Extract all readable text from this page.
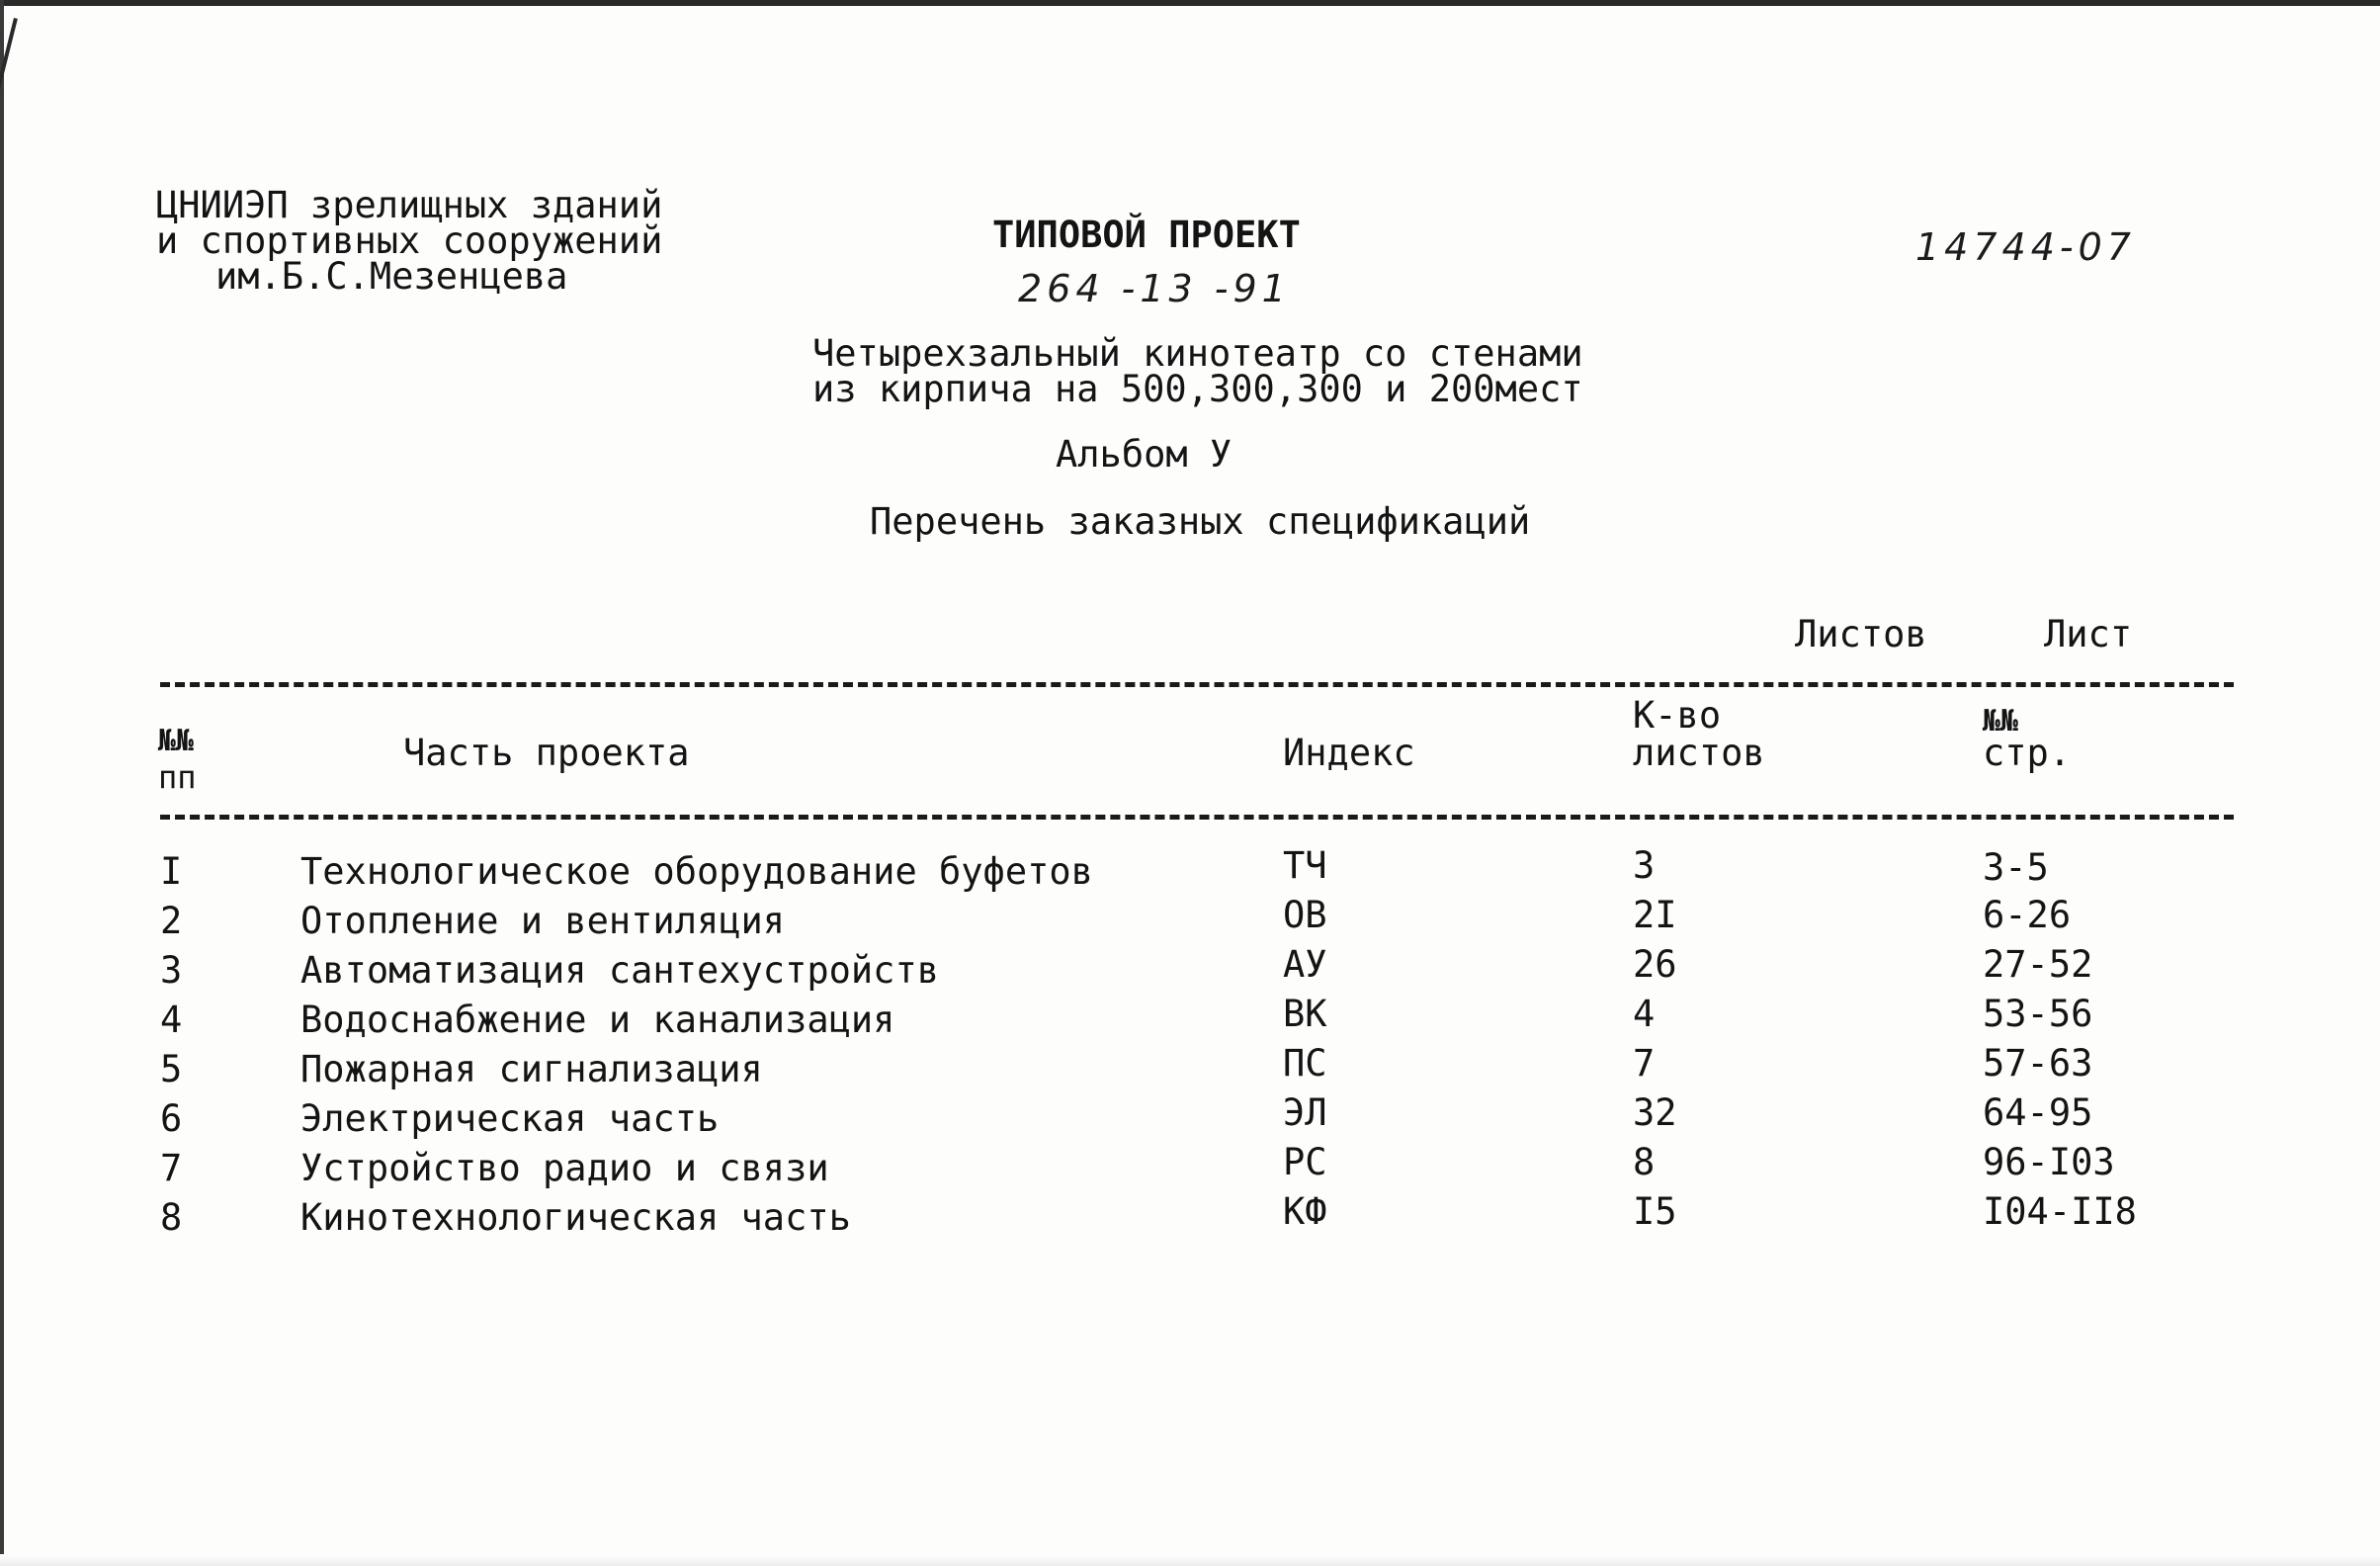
ЦНИИЭП зрелищных зданий
и спортивных сооружений
им.Б.С.Мезенцева
ТИПОВОЙ ПРОЕКТ
264 -13 -91
14744-07
Четырехзальный кинотеатр со стенами
из кирпича на 500,300,300 и 200мест
Альбом У
Перечень заказных спецификаций
Листов	Лист
№№
пп
Часть проекта	Индекс
К-во
листов
№№
стр.
I	Технологическое оборудование буфетов	ТЧ	3	3-5
2	Отопление и вентиляция	ОВ	2I	6-26
3	Автоматизация сантехустройств	АУ	26	27-52
4	Водоснабжение и канализация	ВК	4	53-56
5	Пожарная сигнализация	ПС	7	57-63
6	Электрическая часть	ЭЛ	32	64-95
7	Устройство радио и связи	РС	8	96-I03
8	Кинотехнологическая часть	КФ	I5	I04-II8
